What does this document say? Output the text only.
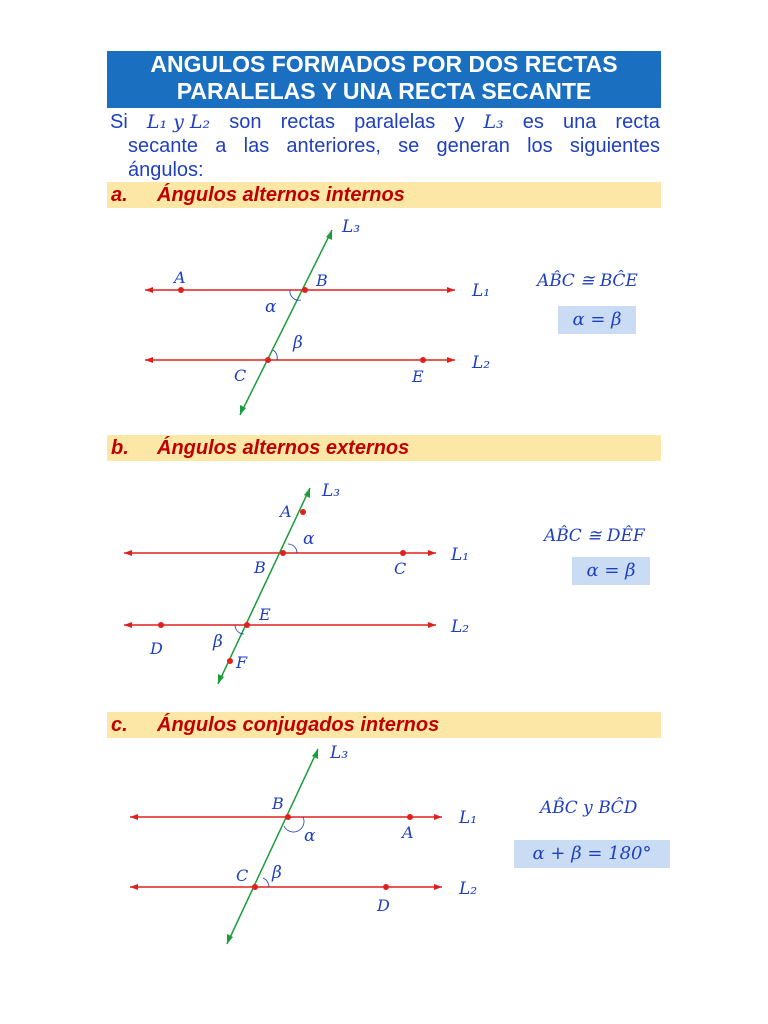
ANGULOS FORMADOS POR DOS RECTAS
PARALELAS Y UNA RECTA SECANTE
Si L₁ y L₂ son rectas paralelas y L₃ es una recta
secante a las anteriores, se generan los siguientes
ángulos:
a. Ángulos alternos internos
L₃
L₁
L₂
A	B
C	E
α
β
AB̂C ≅ BĈE
α = β
b. Ángulos alternos externos
L₃
L₁
L₂
A
B	C
D
E
F
α
β
AB̂C ≅ DÊF
α = β
c. Ángulos conjugados internos
L₃
L₁
L₂
B
A
C
D
α
β
AB̂C y BĈD
α + β = 180°
